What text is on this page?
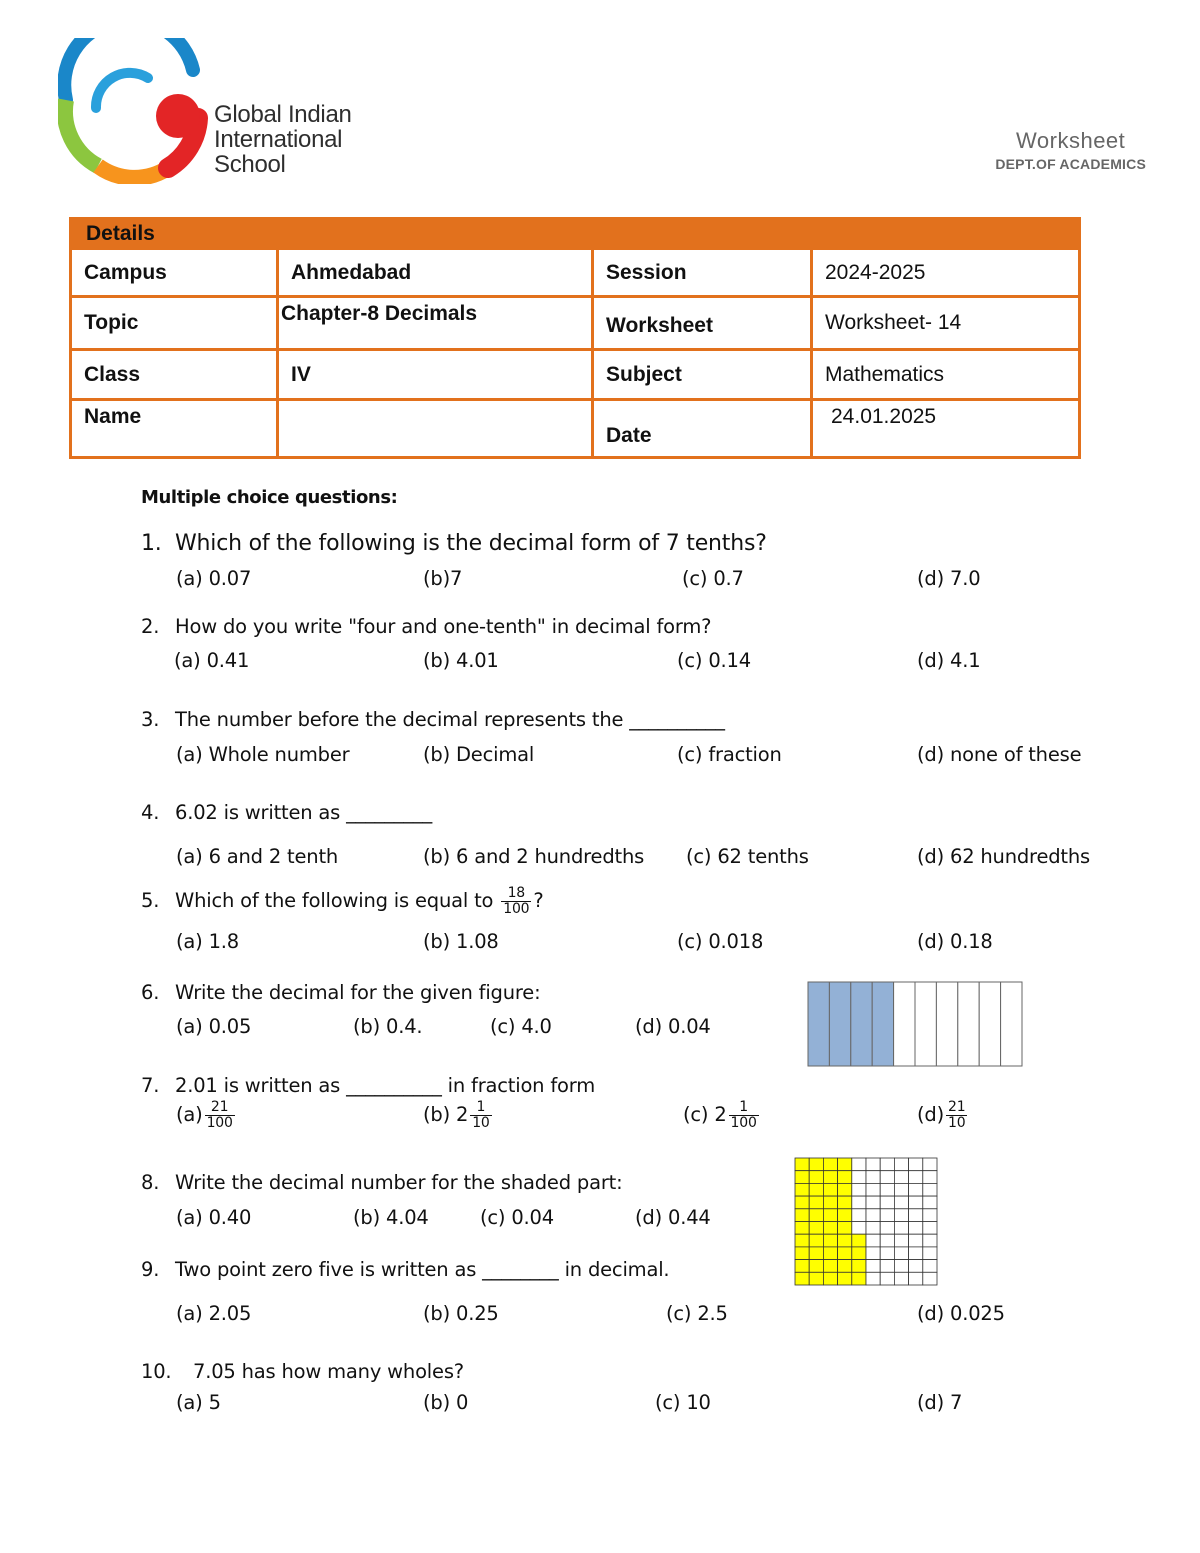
Global Indian
International
School
Worksheet
DEPT.OF ACADEMICS
Details			
Campus	Ahmedabad	Session	2024-2025
Topic	Chapter-8 Decimals	Worksheet	Worksheet- 14
Class	IV	Subject	Mathematics
Name		Date	24.01.2025
Multiple choice questions:
1. Which of the following is the decimal form of 7 tenths?
(a) 0.07	(b)7	(c) 0.7	(d) 7.0
2. How do you write "four and one-tenth" in decimal form?
(a) 0.41	(b) 4.01	(c) 0.14	(d) 4.1
3. The number before the decimal represents the __________
(a) Whole number	(b) Decimal	(c) fraction	(d) none of these
4. 6.02 is written as _________
(a) 6 and 2 tenth	(b) 6 and 2 hundredths (c) 62 tenths	(d) 62 hundredths
5. Which of the following is equal to $\frac{18}{100}$ ?
(a) 1.8	(b) 1.08	(c) 0.018	(d) 0.18
6. Write the decimal for the given figure:
(a) 0.05	(b) 0.4.	(c) 4.0	(d) 0.04
7. 2.01 is written as __________ in fraction form
$(a) \frac{21}{100}$	(b) $2 \frac{1}{10}$	(c) $2 \frac{1}{100}$	$(d) \frac{21}{10}$
8. Write the decimal number for the shaded part:
(a) 0.40	(b) 4.04	(c) 0.04	(d) 0.44
9. Two point zero five is written as ________ in decimal.
(a) 2.05	(b) 0.25	(c) 2.5	(d) 0.025
10. 7.05 has how many wholes?
(a) 5	(b) 0	(c) 10	(d) 7
